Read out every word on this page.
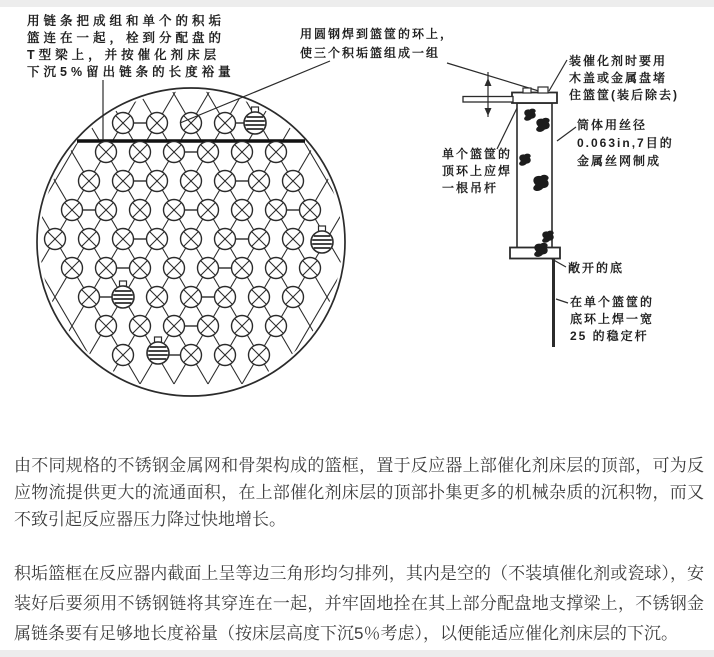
用链条把成组和单个的积垢
篮连在一起，栓到分配盘的
T型梁上，并按催化剂床层
下沉5%留出链条的长度裕量
用圆钢焊到篮筐的环上，
使三个积垢篮组成一组
装催化剂时要用
木盖或金属盘堵
住篮筐(装后除去)
筒体用丝径
0.063in,7目的
金属丝网制成
单个篮筐的
顶环上应焊
一根吊杆
敞开的底
在单个篮筐的
底环上焊一宽
25 的稳定杆

由不同规格的不锈钢金属网和骨架构成的篮框，置于反应器上部催化剂床层的顶部，可为反应物流提供更大的流通面积，在上部催化剂床层的顶部扑集更多的机械杂质的沉积物，而又不致引起反应器压力降过快地增长。

积垢篮框在反应器内截面上呈等边三角形均匀排列，其内是空的（不装填催化剂或瓷球），安装好后要须用不锈钢链将其穿连在一起，并牢固地拴在其上部分配盘地支撑梁上，不锈钢金属链条要有足够地长度裕量（按床层高度下沉5％考虑），以便能适应催化剂床层的下沉。
